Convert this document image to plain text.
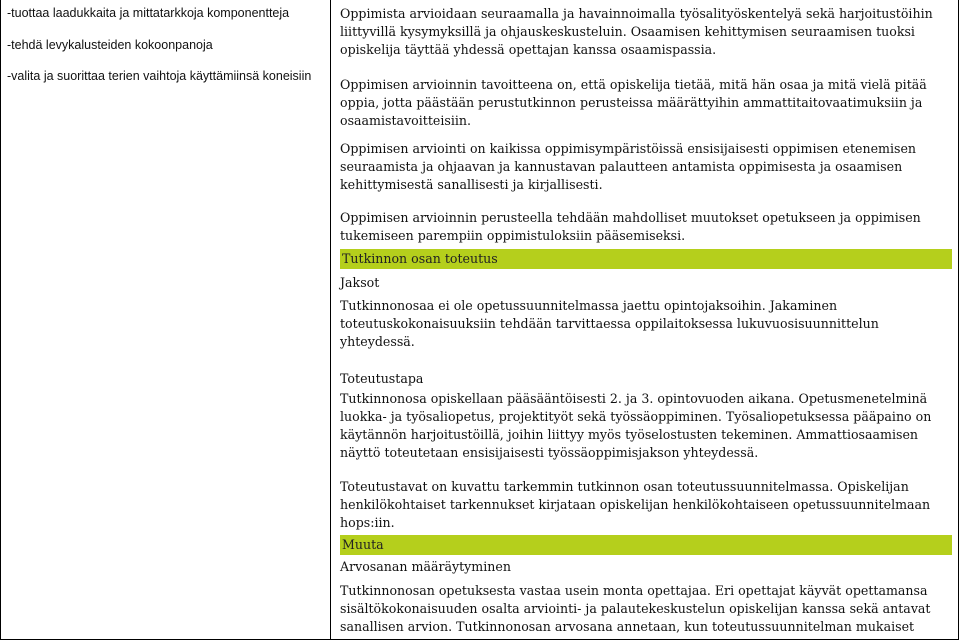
-tuottaa laadukkaita ja mittatarkkoja komponentteja

-tehdä levykalusteiden kokoonpanoja

-valita ja suorittaa terien vaihtoja käyttämiinsä koneisiin

Oppimista arvioidaan seuraamalla ja havainnoimalla työsalityöskentelyä sekä harjoitustöihin liittyvillä kysymyksillä ja ohjauskeskusteluin. Osaamisen kehittymisen seuraamisen tuoksi opiskelija täyttää yhdessä opettajan kanssa osaamispassia.

Oppimisen arvioinnin tavoitteena on, että opiskelija tietää, mitä hän osaa ja mitä vielä pitää oppia, jotta päästään perustutkinnon perusteissa määrättyihin ammattitaitovaatimuksiin ja osaamistavoitteisiin.

Oppimisen arviointi on kaikissa oppimisympäristöissä ensisijaisesti oppimisen etenemisen seuraamista ja ohjaavan ja kannustavan palautteen antamista oppimisesta ja osaamisen kehittymisestä sanallisesti ja kirjallisesti.

Oppimisen arvioinnin perusteella tehdään mahdolliset muutokset opetukseen ja oppimisen tukemiseen parempiin oppimistuloksiin pääsemiseksi.

Tutkinnon osan toteutus
Jaksot

Tutkinnonosaa ei ole opetussuunnitelmassa jaettu opintojaksoihin. Jakaminen toteutuskokonaisuuksiin tehdään tarvittaessa oppilaitoksessa lukuvuosisuunnittelun yhteydessä.

Toteutustapa

Tutkinnonosa opiskellaan pääsääntöisesti 2. ja 3. opintovuoden aikana. Opetusmenetelminä luokka- ja työsaliopetus, projektityöt sekä työssäoppiminen. Työsaliopetuksessa pääpaino on käytännön harjoitustöillä, joihin liittyy myös työselostusten tekeminen. Ammattiosaamisen näyttö toteutetaan ensisijaisesti työssäoppimisjakson yhteydessä.

Toteutustavat on kuvattu tarkemmin tutkinnon osan toteutussuunnitelmassa. Opiskelijan henkilökohtaiset tarkennukset kirjataan opiskelijan henkilökohtaiseen opetussuunnitelmaan hops:iin.

Muuta
Arvosanan määräytyminen

Tutkinnonosan opetuksesta vastaa usein monta opettajaa. Eri opettajat käyvät opettamansa sisältökokonaisuuden osalta arviointi- ja palautekeskustelun opiskelijan kanssa sekä antavat sanallisen arvion. Tutkinnonosan arvosana annetaan, kun toteutussuunnitelman mukaiset
